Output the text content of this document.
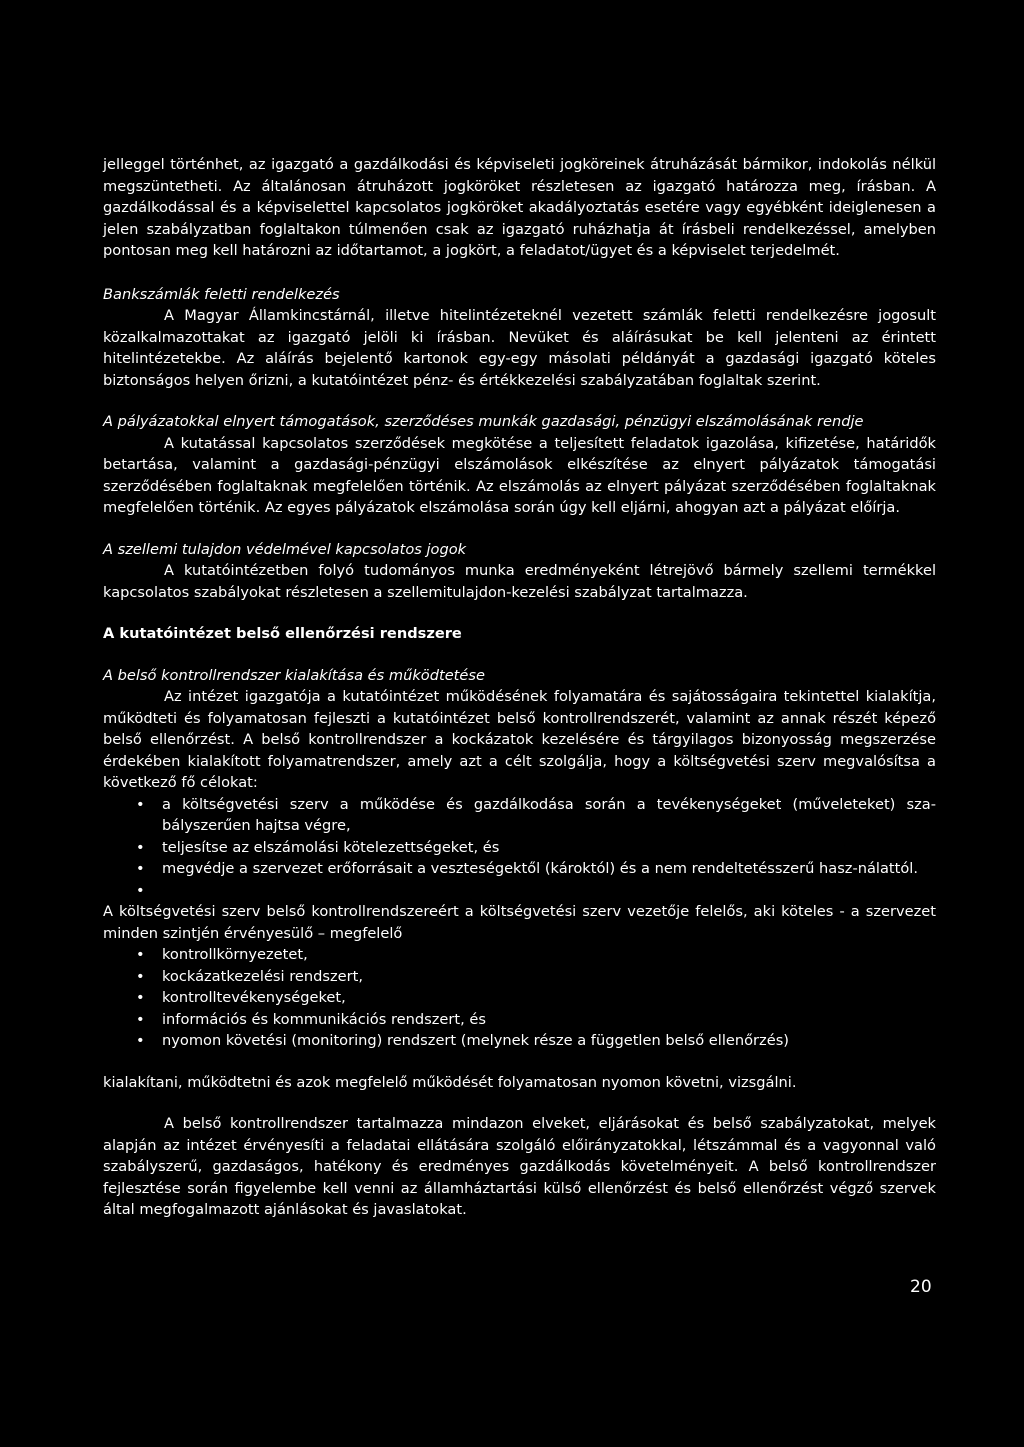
jelleggel történhet, az igazgató a gazdálkodási és képviseleti jogköreinek átruházását bármikor, indokolás nélkül megszüntetheti. Az általánosan átruházott jogköröket részletesen az igazgató határozza meg, írásban. A gazdálkodással és a képviselettel kapcsolatos jogköröket akadályoztatás esetére vagy egyébként ideiglenesen a jelen szabályzatban foglaltakon túlmenően csak az igazgató ruházhatja át írásbeli rendelkezéssel, amelyben pontosan meg kell határozni az időtartamot, a jogkört, a feladatot/ügyet és a képviselet terjedelmét.

Bankszámlák feletti rendelkezés

A Magyar Államkincstárnál, illetve hitelintézeteknél vezetett számlák feletti rendelkezésre jogosult közalkalmazottakat az igazgató jelöli ki írásban. Nevüket és aláírásukat be kell jelenteni az érintett hitelintézetekbe. Az aláírás bejelentő kartonok egy-egy másolati példányát a gazdasági igazgató köteles biztonságos helyen őrizni, a kutatóintézet pénz- és értékkezelési szabályzatában foglaltak szerint.

A pályázatokkal elnyert támogatások, szerződéses munkák gazdasági, pénzügyi elszámolásának rendje

A kutatással kapcsolatos szerződések megkötése a teljesített feladatok igazolása, kifizetése, határidők betartása, valamint a gazdasági-pénzügyi elszámolások elkészítése az elnyert pályázatok támogatási szerződésében foglaltaknak megfelelően történik. Az elszámolás az elnyert pályázat szerződésében foglaltaknak megfelelően történik. Az egyes pályázatok elszámolása során úgy kell eljárni, ahogyan azt a pályázat előírja.

A szellemi tulajdon védelmével kapcsolatos jogok

A kutatóintézetben folyó tudományos munka eredményeként létrejövő bármely szellemi termékkel kapcsolatos szabályokat részletesen a szellemitulajdon-kezelési szabályzat tartalmazza.

A kutatóintézet belső ellenőrzési rendszere

A belső kontrollrendszer kialakítása és működtetése

Az intézet igazgatója a kutatóintézet működésének folyamatára és sajátosságaira tekintettel kialakítja, működteti és folyamatosan fejleszti a kutatóintézet belső kontrollrendszerét, valamint az annak részét képező belső ellenőrzést. A belső kontrollrendszer a kockázatok kezelésére és tárgyilagos bizonyosság megszerzése érdekében kialakított folyamatrendszer, amely azt a célt szolgálja, hogy a költségvetési szerv megvalósítsa a következő fő célokat:

• a költségvetési szerv a működése és gazdálkodása során a tevékenységeket (műveleteket) sza-bályszerűen hajtsa végre,
• teljesítse az elszámolási kötelezettségeket, és
• megvédje a szervezet erőforrásait a veszteségektől (károktól) és a nem rendeltetésszerű hasz-nálattól.
•

A költségvetési szerv belső kontrollrendszereért a költségvetési szerv vezetője felelős, aki köteles - a szervezet minden szintjén érvényesülő – megfelelő

• kontrollkörnyezetet,
• kockázatkezelési rendszert,
• kontrolltevékenységeket,
• információs és kommunikációs rendszert, és
• nyomon követési (monitoring) rendszert (melynek része a független belső ellenőrzés)

kialakítani, működtetni és azok megfelelő működését folyamatosan nyomon követni, vizsgálni.

A belső kontrollrendszer tartalmazza mindazon elveket, eljárásokat és belső szabályzatokat, melyek alapján az intézet érvényesíti a feladatai ellátására szolgáló előirányzatokkal, létszámmal és a vagyonnal való szabályszerű, gazdaságos, hatékony és eredményes gazdálkodás követelményeit. A belső kontrollrendszer fejlesztése során figyelembe kell venni az államháztartási külső ellenőrzést és belső ellenőrzést végző szervek által megfogalmazott ajánlásokat és javaslatokat.

20
